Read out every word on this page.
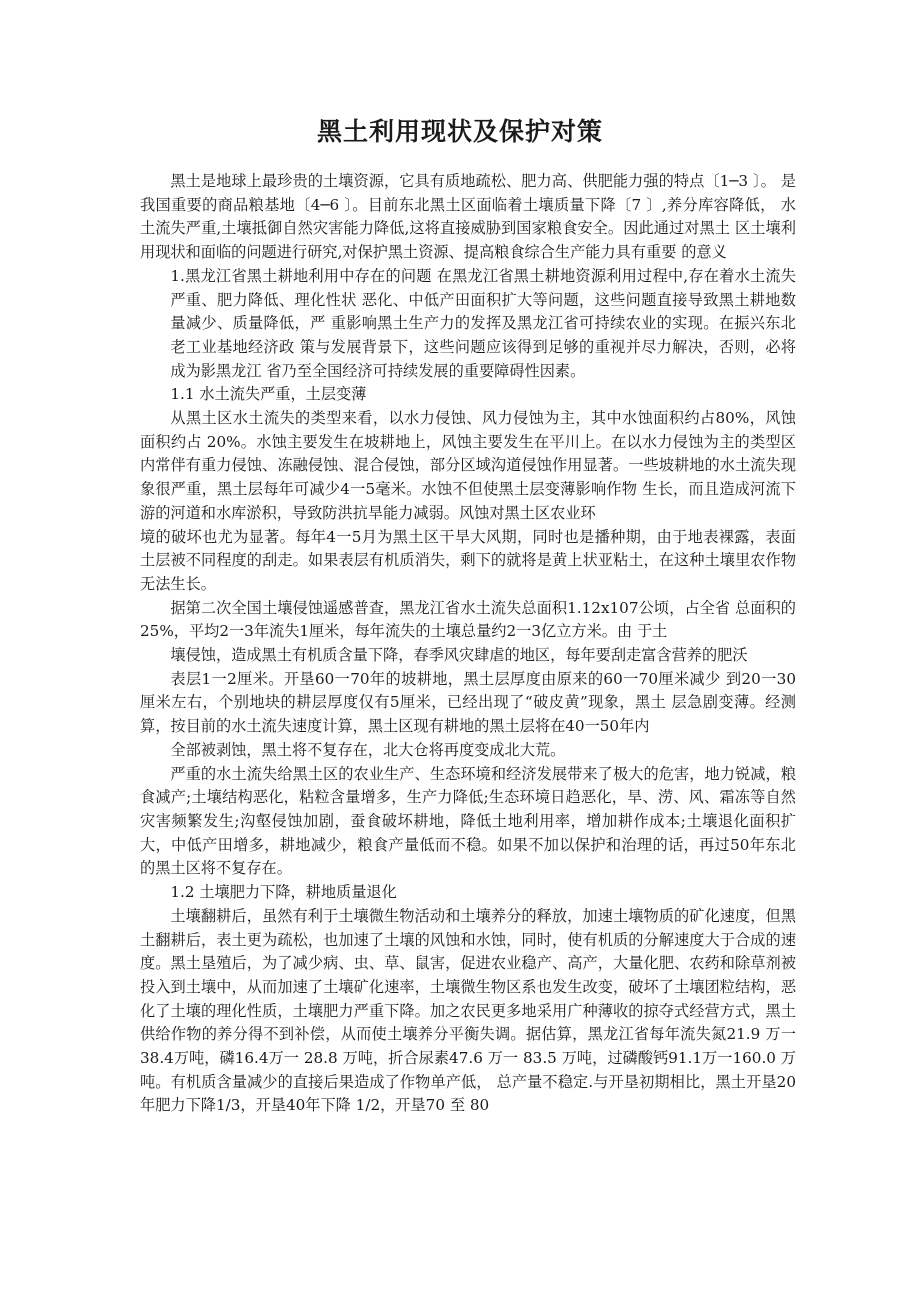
黑土利用现状及保护对策

黑土是地球上最珍贵的土壤资源，它具有质地疏松、肥力高、供肥能力强的特点〔1─3 〕。 是我国重要的商品粮基地〔4─6 〕。目前东北黑土区面临着土壤质量下降〔7 〕,养分库容降低， 水土流失严重,土壤抵御自然灾害能力降低,这将直接威胁到国家粮食安全。因此通过对黑土 区土壤利用现状和面临的问题进行研究,对保护黑土资源、提高粮食综合生产能力具有重要 的意义

1.黑龙江省黑土耕地利用中存在的问题 在黑龙江省黑土耕地资源利用过程中,存在着水土流失严重、肥力降低、理化性状 恶化、中低产田面积扩大等问题，这些问题直接导致黑土耕地数量减少、质量降低，严 重影响黑土生产力的发挥及黑龙江省可持续农业的实现。在振兴东北老工业基地经济政 策与发展背景下，这些问题应该得到足够的重视并尽力解决，否则，必将成为影黑龙江 省乃至全国经济可持续发展的重要障碍性因素。

1.1 水土流失严重，土层变薄

从黑土区水土流失的类型来看，以水力侵蚀、风力侵蚀为主，其中水蚀面积约占80%，风蚀面积约占 20%。水蚀主要发生在坡耕地上，风蚀主要发生在平川上。在以水力侵蚀为主的类型区内常伴有重力侵蚀、冻融侵蚀、混合侵蚀，部分区域沟道侵蚀作用显著。一些坡耕地的水土流失现象很严重，黑土层每年可减少4一5毫米。水蚀不但使黑土层变薄影响作物 生长，而且造成河流下游的河道和水库淤积，导致防洪抗旱能力减弱。风蚀对黑土区农业环

境的破坏也尤为显著。每年4一5月为黑土区干旱大风期，同时也是播种期，由于地表裸露，表面土层被不同程度的刮走。如果表层有机质消失，剩下的就将是黄上状亚粘土，在这种土壤里农作物无法生长。

据第二次全国土壤侵蚀遥感普查，黑龙江省水土流失总面积1.12x107公顷，占全省 总面积的25%，平均2一3年流失1厘米，每年流失的土壤总量约2一3亿立方米。由 于土

壤侵蚀，造成黑土有机质含量下降，春季风灾肆虐的地区，每年要刮走富含营养的肥沃

表层1一2厘米。开垦60一70年的坡耕地，黑土层厚度由原来的60一70厘米减少 到20一30厘米左右，个别地块的耕层厚度仅有5厘米，已经出现了“破皮黄”现象，黑土 层急剧变薄。经测算，按目前的水土流失速度计算，黑土区现有耕地的黑土层将在40一50年内

全部被剥蚀，黑土将不复存在，北大仓将再度变成北大荒。

严重的水土流失给黑土区的农业生产、生态环境和经济发展带来了极大的危害，地力锐减，粮食减产;土壤结构恶化，粘粒含量增多，生产力降低;生态环境日趋恶化，旱、涝、风、霜冻等自然灾害频繁发生;沟壑侵蚀加剧，蚕食破坏耕地，降低土地利用率，增加耕作成本;土壤退化面积扩大，中低产田增多，耕地减少，粮食产量低而不稳。如果不加以保护和治理的话，再过50年东北的黑土区将不复存在。

1.2 土壤肥力下降，耕地质量退化

土壤翻耕后，虽然有利于土壤微生物活动和土壤养分的释放，加速土壤物质的矿化速度，但黑土翻耕后，表土更为疏松，也加速了土壤的风蚀和水蚀，同时，使有机质的分解速度大于合成的速度。黑土垦殖后，为了减少病、虫、草、鼠害，促进农业稳产、高产，大量化肥、农药和除草剂被投入到土壤中，从而加速了土壤矿化速率，土壤微生物区系也发生改变，破坏了土壤团粒结构，恶化了土壤的理化性质，土壤肥力严重下降。加之农民更多地采用广种薄收的掠夺式经营方式，黑土供给作物的养分得不到补偿，从而使土壤养分平衡失调。据估算，黑龙江省每年流失氮21.9 万一38.4万吨，磷16.4万一 28.8 万吨，折合尿素47.6 万一 83.5 万吨，过磷酸钙91.1万一160.0 万吨。有机质含量减少的直接后果造成了作物单产低， 总产量不稳定.与开垦初期相比，黑土开垦20 年肥力下降1/3，开垦40年下降 1/2，开垦70 至 80
